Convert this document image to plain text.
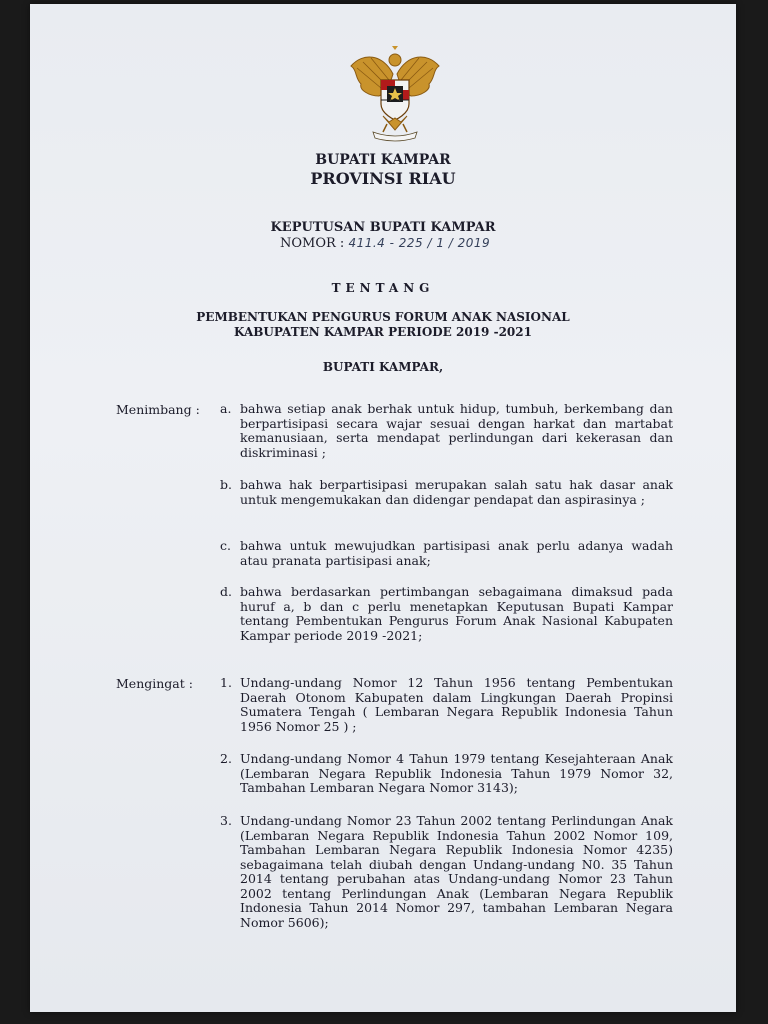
BUPATI KAMPAR
PROVINSI RIAU
KEPUTUSAN BUPATI KAMPAR
NOMOR : 411.4 - 225 / 1 / 2019
TENTANG
PEMBENTUKAN PENGURUS FORUM ANAK NASIONAL
KABUPATEN KAMPAR PERIODE 2019 -2021
BUPATI KAMPAR,
Menimbang : a. bahwa setiap anak berhak untuk hidup, tumbuh, berkembang dan berpartisipasi secara wajar sesuai dengan harkat dan martabat kemanusiaan, serta mendapat perlindungan dari kekerasan dan diskriminasi ;
b. bahwa hak berpartisipasi merupakan salah satu hak dasar anak untuk mengemukakan dan didengar pendapat dan aspirasinya ;
c. bahwa untuk mewujudkan partisipasi anak perlu adanya wadah atau pranata partisipasi anak;
d. bahwa berdasarkan pertimbangan sebagaimana dimaksud pada huruf a, b dan c perlu menetapkan Keputusan Bupati Kampar tentang Pembentukan Pengurus Forum Anak Nasional Kabupaten Kampar periode 2019 -2021;
Mengingat : 1. Undang-undang Nomor 12 Tahun 1956 tentang Pembentukan Daerah Otonom Kabupaten dalam Lingkungan Daerah Propinsi Sumatera Tengah ( Lembaran Negara Republik Indonesia Tahun 1956 Nomor 25 ) ;
2. Undang-undang Nomor 4 Tahun 1979 tentang Kesejahteraan Anak (Lembaran Negara Republik Indonesia Tahun 1979 Nomor 32, Tambahan Lembaran Negara Nomor 3143);
3. Undang-undang Nomor 23 Tahun 2002 tentang Perlindungan Anak (Lembaran Negara Republik Indonesia Tahun 2002 Nomor 109, Tambahan Lembaran Negara Republik Indonesia Nomor 4235) sebagaimana telah diubah dengan Undang-undang N0. 35 Tahun 2014 tentang perubahan atas Undang-undang Nomor 23 Tahun 2002 tentang Perlindungan Anak (Lembaran Negara Republik Indonesia Tahun 2014 Nomor 297, tambahan Lembaran Negara Nomor 5606);
